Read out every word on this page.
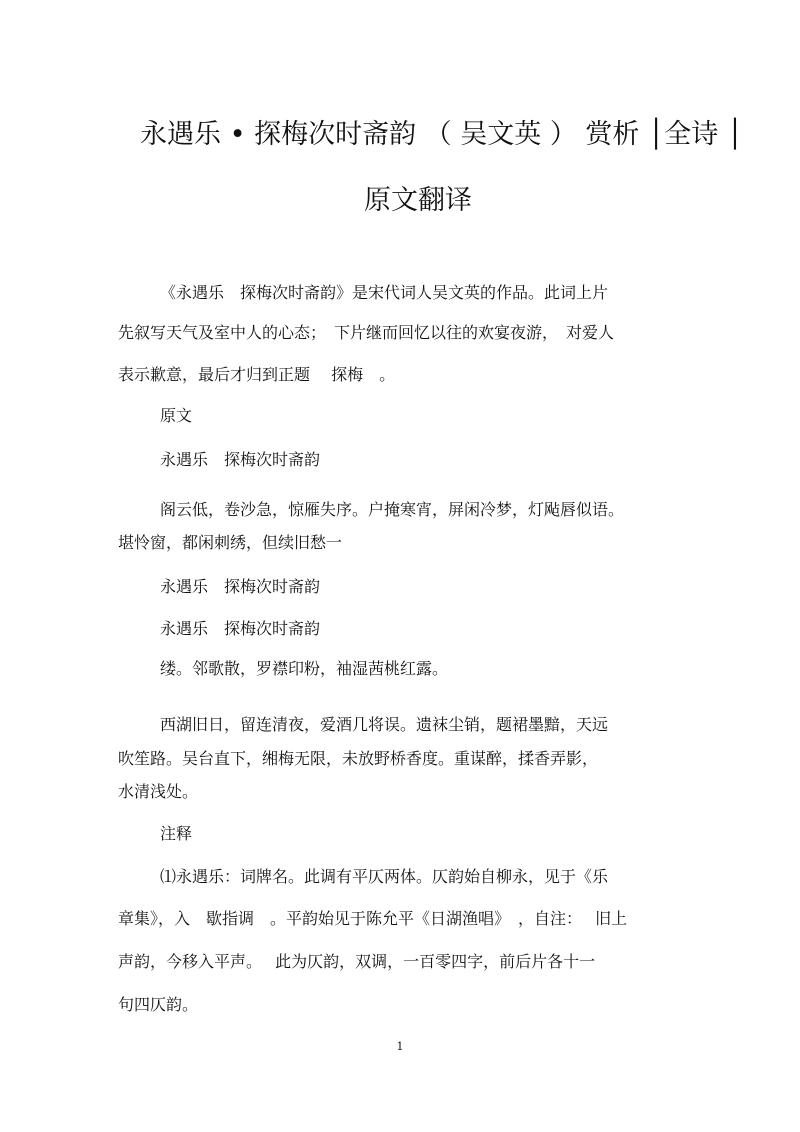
永遇乐 • 探梅次时斋韵 （ 吴文英 ） 赏析 │全诗 │
原文翻译
《永遇乐　探梅次时斋韵》是宋代词人吴文英的作品。此词上片
先叙写天气及室中人的心态；　下片继而回忆以往的欢宴夜游，　对爱人
表示歉意，最后才归到正题　 探梅　。
原文
永遇乐　探梅次时斋韵
阁云低，卷沙急，惊雁失序。户掩寒宵，屏闲冷梦，灯飐唇似语。
堪怜窗，都闲刺绣，但续旧愁一
永遇乐　探梅次时斋韵
永遇乐　探梅次时斋韵
缕。邻歌散，罗襟印粉，袖湿茜桃红露。
西湖旧日，留连清夜，爱酒几将误。遗袜尘销，题裙墨黯，天远
吹笙路。吴台直下，缃梅无限，未放野桥香度。重谋醉，揉香弄影，
水清浅处。
注释
⑴永遇乐：词牌名。此调有平仄两体。仄韵始自柳永，见于《乐
章集》，入　歇指调　。平韵始见于陈允平《日湖渔唱》　，自注：　 旧上
声韵，今移入平声。　 此为仄韵，双调，一百零四字，前后片各十一
句四仄韵。
1
